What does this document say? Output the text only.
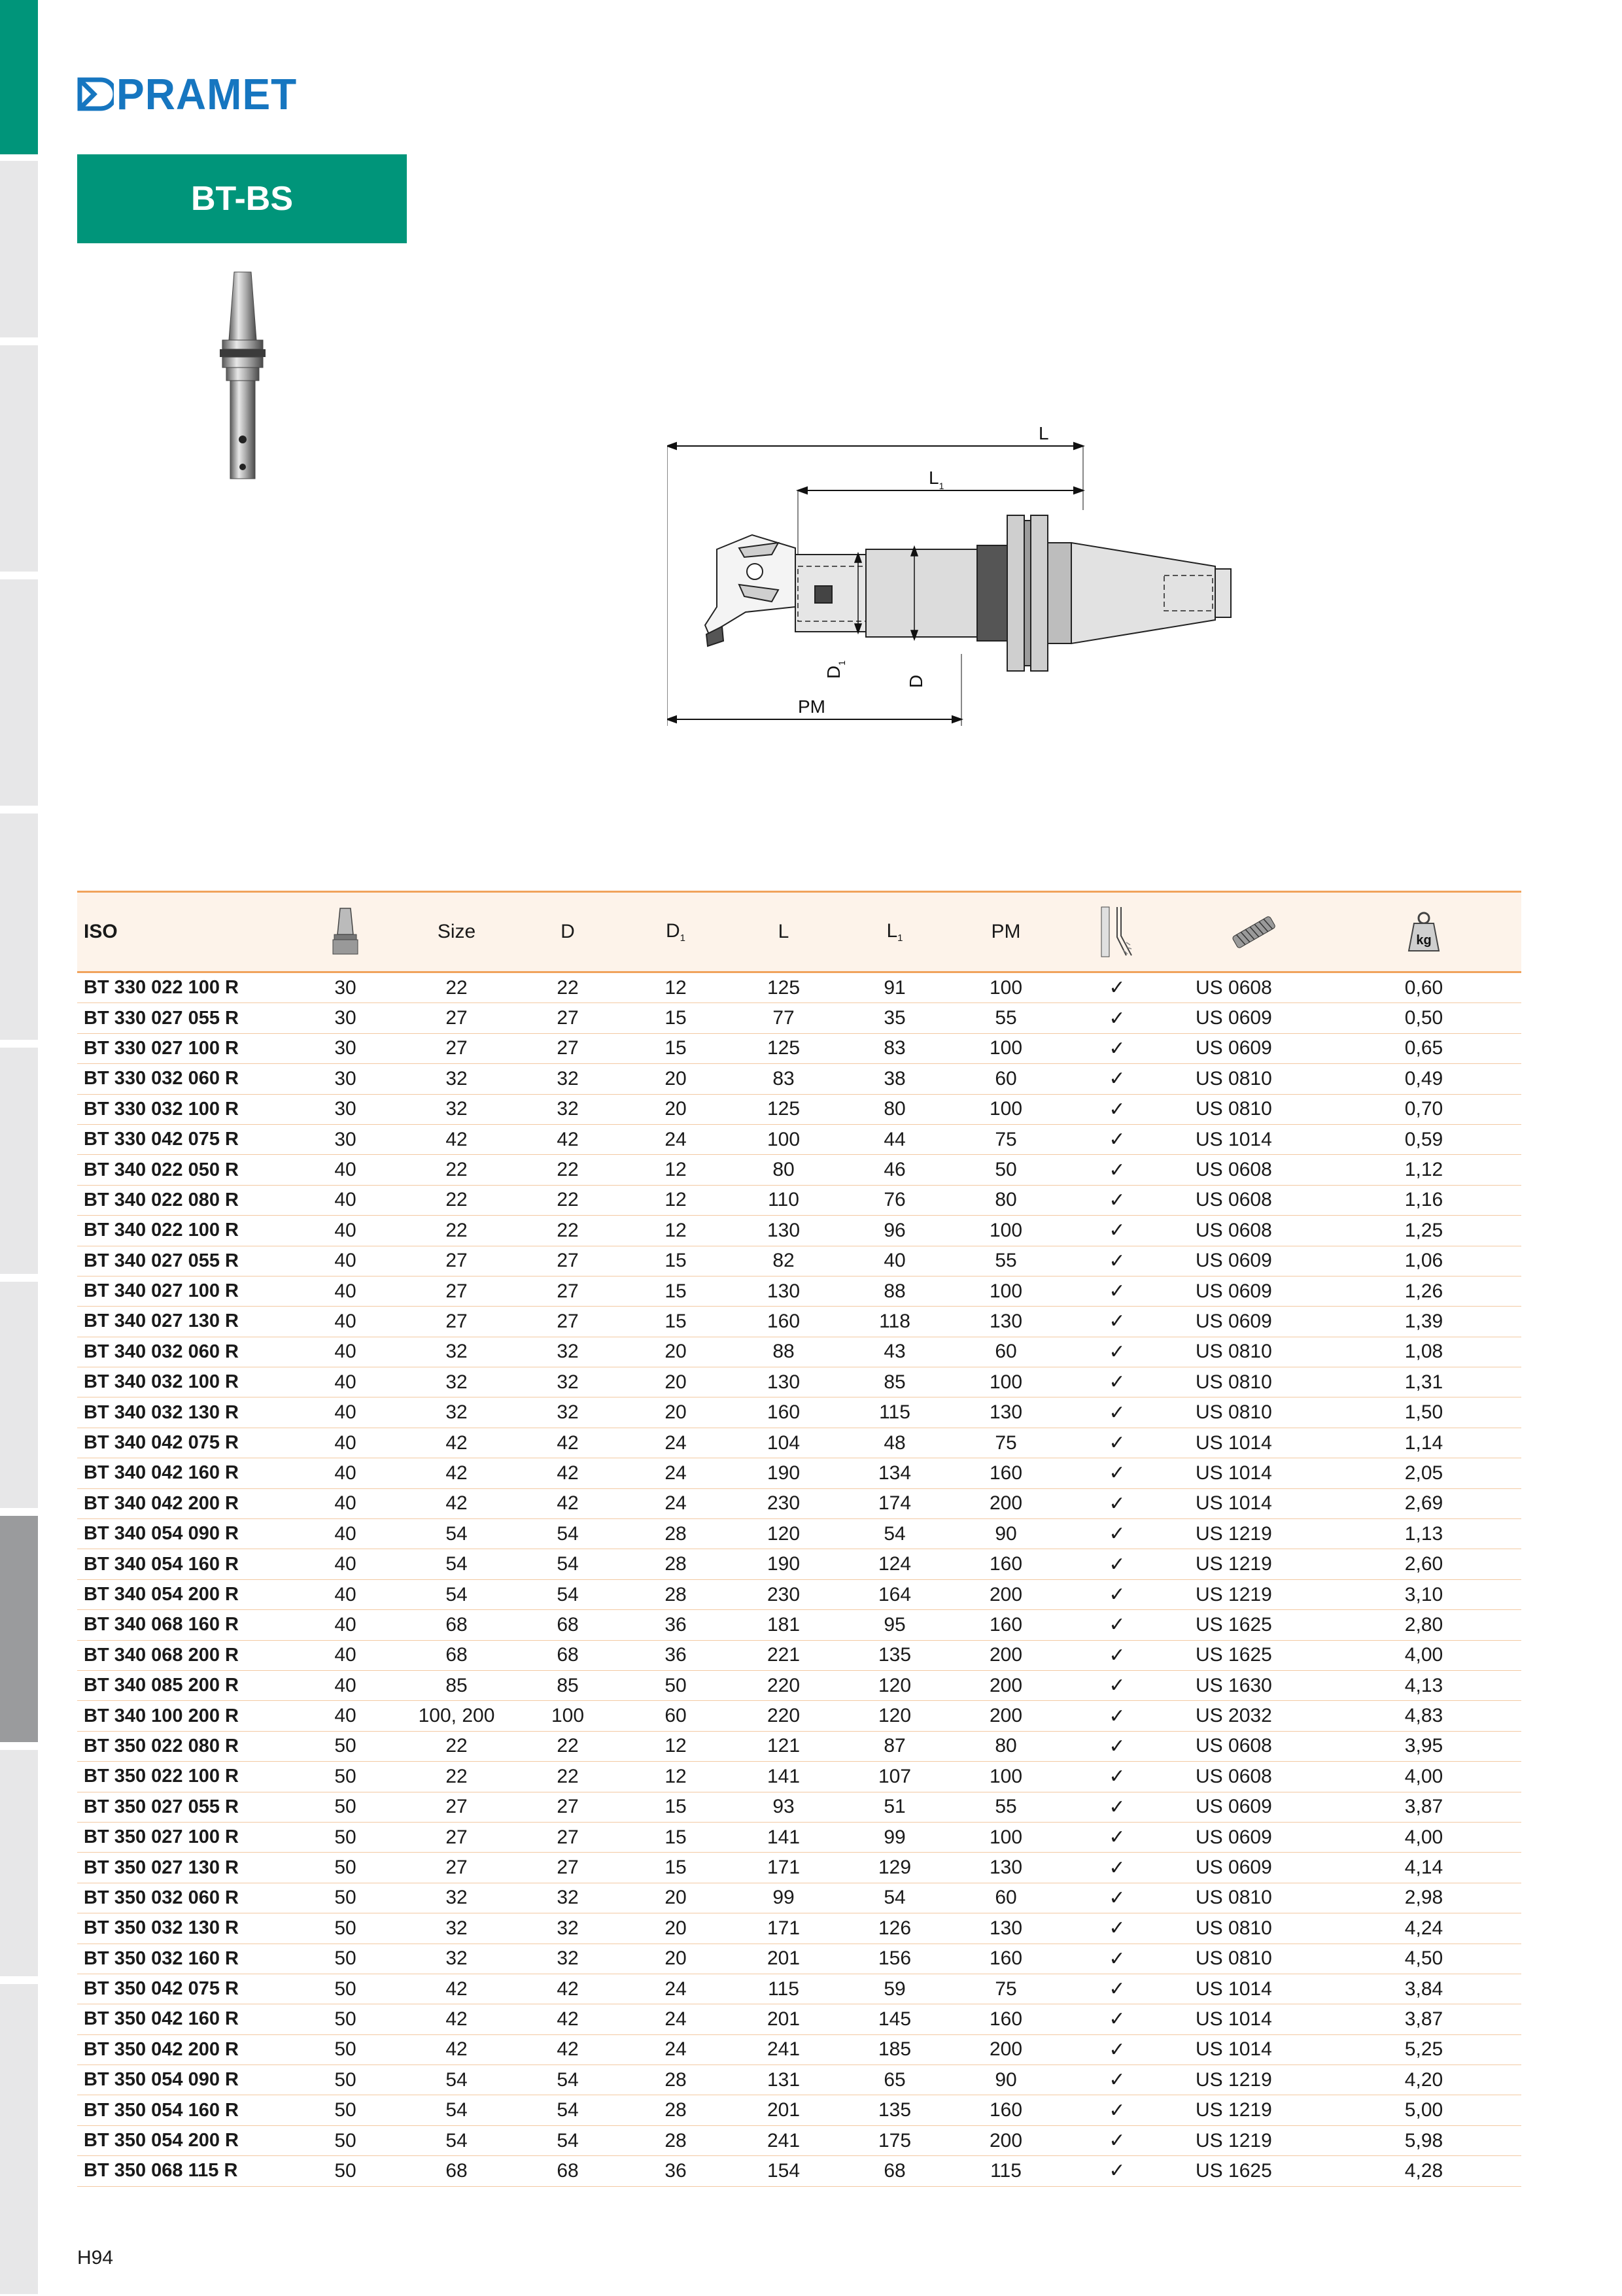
PRAMET
BT-BS
L
$L_1$
PM
$D_1$
D
ISO		Size	D	$D_1$	L	$L_1$	PM			kg

BT 330 022 100 R	30	22	22	12	125	91	100	✓	US 0608	0,60
BT 330 027 055 R	30	27	27	15	77	35	55	✓	US 0609	0,50
BT 330 027 100 R	30	27	27	15	125	83	100	✓	US 0609	0,65
BT 330 032 060 R	30	32	32	20	83	38	60	✓	US 0810	0,49
BT 330 032 100 R	30	32	32	20	125	80	100	✓	US 0810	0,70
BT 330 042 075 R	30	42	42	24	100	44	75	✓	US 1014	0,59
BT 340 022 050 R	40	22	22	12	80	46	50	✓	US 0608	1,12
BT 340 022 080 R	40	22	22	12	110	76	80	✓	US 0608	1,16
BT 340 022 100 R	40	22	22	12	130	96	100	✓	US 0608	1,25
BT 340 027 055 R	40	27	27	15	82	40	55	✓	US 0609	1,06
BT 340 027 100 R	40	27	27	15	130	88	100	✓	US 0609	1,26
BT 340 027 130 R	40	27	27	15	160	118	130	✓	US 0609	1,39
BT 340 032 060 R	40	32	32	20	88	43	60	✓	US 0810	1,08
BT 340 032 100 R	40	32	32	20	130	85	100	✓	US 0810	1,31
BT 340 032 130 R	40	32	32	20	160	115	130	✓	US 0810	1,50
BT 340 042 075 R	40	42	42	24	104	48	75	✓	US 1014	1,14
BT 340 042 160 R	40	42	42	24	190	134	160	✓	US 1014	2,05
BT 340 042 200 R	40	42	42	24	230	174	200	✓	US 1014	2,69
BT 340 054 090 R	40	54	54	28	120	54	90	✓	US 1219	1,13
BT 340 054 160 R	40	54	54	28	190	124	160	✓	US 1219	2,60
BT 340 054 200 R	40	54	54	28	230	164	200	✓	US 1219	3,10
BT 340 068 160 R	40	68	68	36	181	95	160	✓	US 1625	2,80
BT 340 068 200 R	40	68	68	36	221	135	200	✓	US 1625	4,00
BT 340 085 200 R	40	85	85	50	220	120	200	✓	US 1630	4,13
BT 340 100 200 R	40	100, 200	100	60	220	120	200	✓	US 2032	4,83
BT 350 022 080 R	50	22	22	12	121	87	80	✓	US 0608	3,95
BT 350 022 100 R	50	22	22	12	141	107	100	✓	US 0608	4,00
BT 350 027 055 R	50	27	27	15	93	51	55	✓	US 0609	3,87
BT 350 027 100 R	50	27	27	15	141	99	100	✓	US 0609	4,00
BT 350 027 130 R	50	27	27	15	171	129	130	✓	US 0609	4,14
BT 350 032 060 R	50	32	32	20	99	54	60	✓	US 0810	2,98
BT 350 032 130 R	50	32	32	20	171	126	130	✓	US 0810	4,24
BT 350 032 160 R	50	32	32	20	201	156	160	✓	US 0810	4,50
BT 350 042 075 R	50	42	42	24	115	59	75	✓	US 1014	3,84
BT 350 042 160 R	50	42	42	24	201	145	160	✓	US 1014	3,87
BT 350 042 200 R	50	42	42	24	241	185	200	✓	US 1014	5,25
BT 350 054 090 R	50	54	54	28	131	65	90	✓	US 1219	4,20
BT 350 054 160 R	50	54	54	28	201	135	160	✓	US 1219	5,00
BT 350 054 200 R	50	54	54	28	241	175	200	✓	US 1219	5,98
BT 350 068 115 R	50	68	68	36	154	68	115	✓	US 1625	4,28
H94
